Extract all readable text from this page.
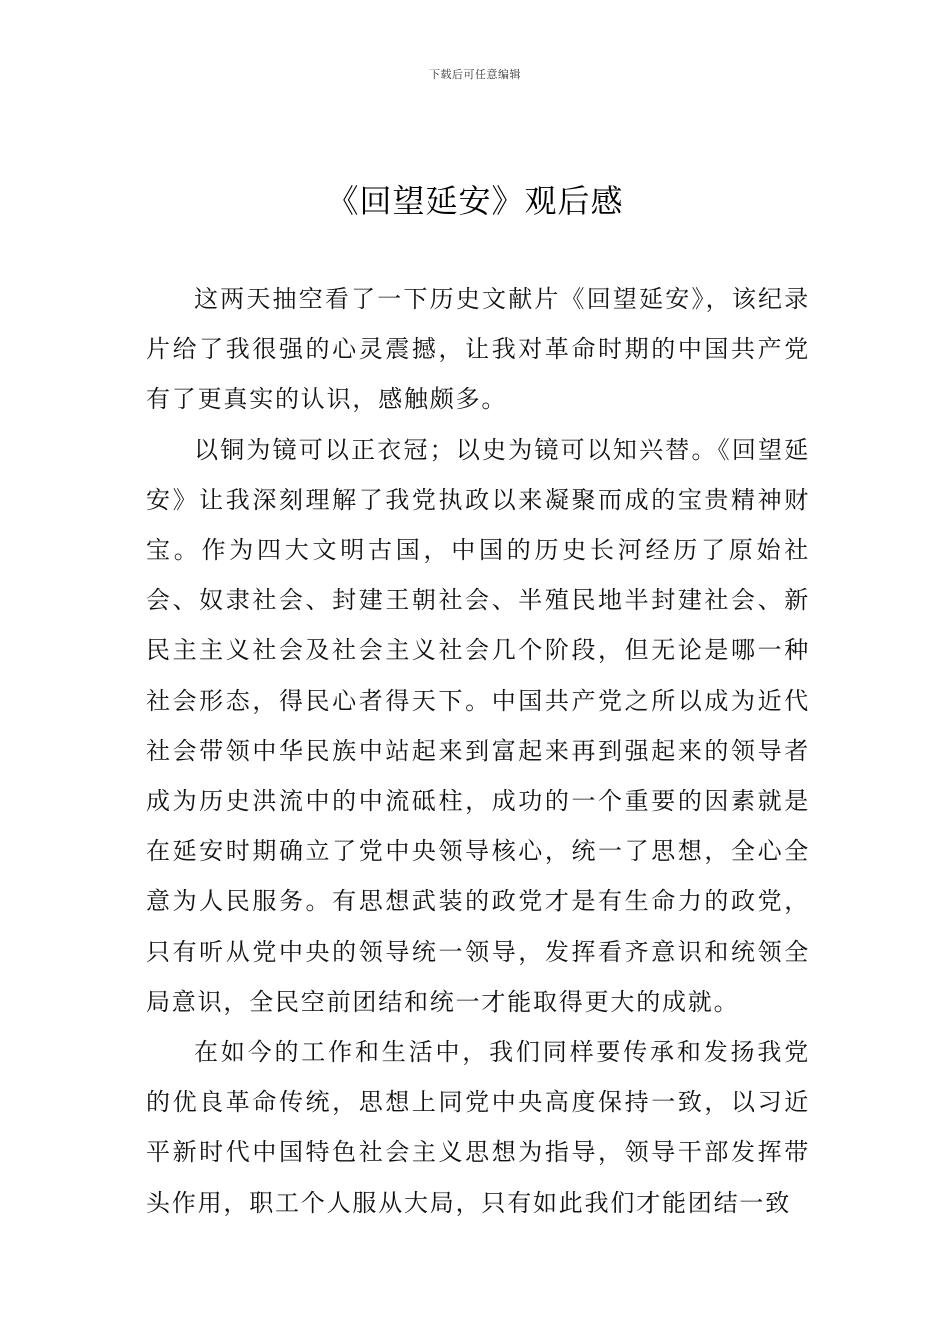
下载后可任意编辑
《回望延安》观后感

这两天抽空看了一下历史文献片《回望延安》，该纪录片给了我很强的心灵震撼，让我对革命时期的中国共产党有了更真实的认识，感触颇多。

以铜为镜可以正衣冠；以史为镜可以知兴替。《回望延安》让我深刻理解了我党执政以来凝聚而成的宝贵精神财宝。作为四大文明古国，中国的历史长河经历了原始社会、奴隶社会、封建王朝社会、半殖民地半封建社会、新民主主义社会及社会主义社会几个阶段，但无论是哪一种社会形态，得民心者得天下。中国共产党之所以成为近代社会带领中华民族中站起来到富起来再到强起来的领导者成为历史洪流中的中流砥柱，成功的一个重要的因素就是在延安时期确立了党中央领导核心，统一了思想，全心全意为人民服务。有思想武装的政党才是有生命力的政党，只有听从党中央的领导统一领导，发挥看齐意识和统领全局意识，全民空前团结和统一才能取得更大的成就。

在如今的工作和生活中，我们同样要传承和发扬我党的优良革命传统，思想上同党中央高度保持一致，以习近平新时代中国特色社会主义思想为指导，领导干部发挥带头作用，职工个人服从大局，只有如此我们才能团结一致
